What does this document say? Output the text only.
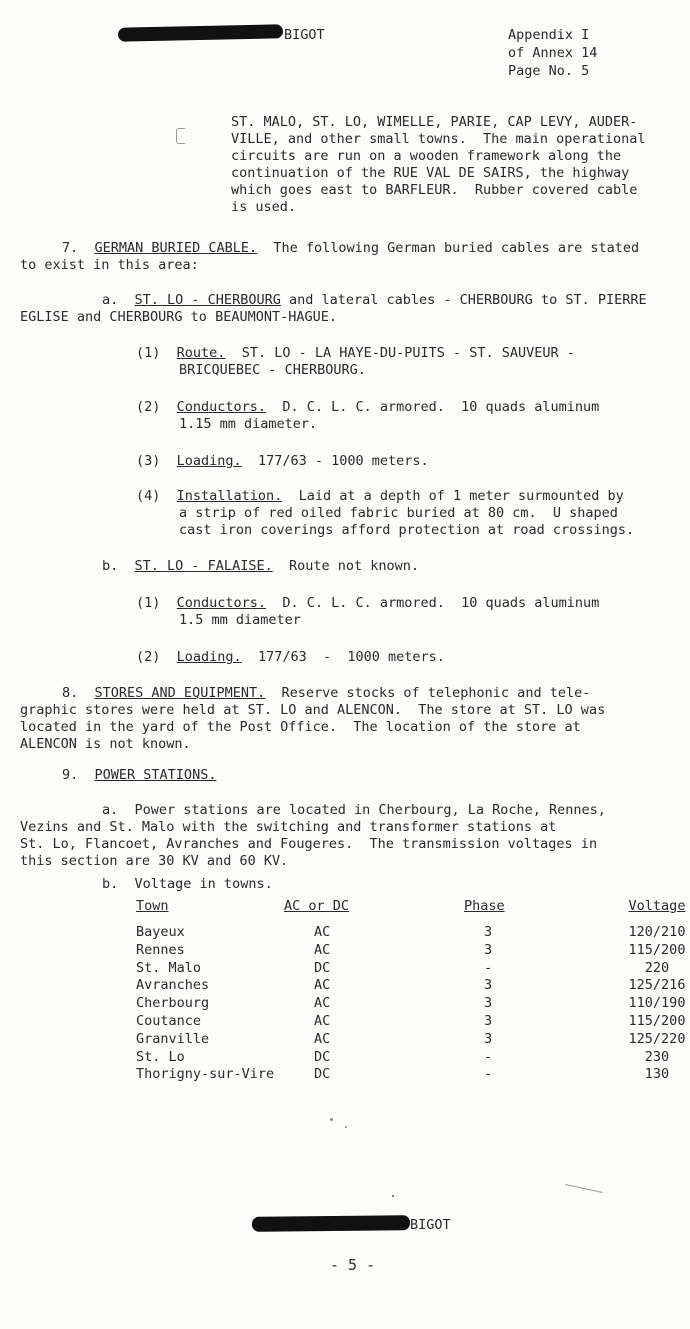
BIGOT	Appendix I
of Annex 14
Page No. 5
ST. MALO, ST. LO, WIMELLE, PARIE, CAP LEVY, AUDER-
VILLE, and other small towns.  The main operational
circuits are run on a wooden framework along the
continuation of the RUE VAL DE SAIRS, the highway
which goes east to BARFLEUR.  Rubber covered cable
is used.
7. GERMAN BURIED CABLE. The following German buried cables are stated
to exist in this area:
a. ST. LO - CHERBOURG and lateral cables - CHERBOURG to ST. PIERRE
EGLISE and CHERBOURG to BEAUMONT-HAGUE.
(1) Route. ST. LO - LA HAYE-DU-PUITS - ST. SAUVEUR -
BRICQUEBEC - CHERBOURG.
(2) Conductors. D. C. L. C. armored.  10 quads aluminum
1.15 mm diameter.
(3) Loading. 177/63 - 1000 meters.
(4) Installation. Laid at a depth of 1 meter surmounted by
a strip of red oiled fabric buried at 80 cm.  U shaped
cast iron coverings afford protection at road crossings.
b. ST. LO - FALAISE. Route not known.
(1) Conductors. D. C. L. C. armored.  10 quads aluminum
1.5 mm diameter
(2) Loading. 177/63  -  1000 meters.
8. STORES AND EQUIPMENT. Reserve stocks of telephonic and tele-
graphic stores were held at ST. LO and ALENCON.  The store at ST. LO was
located in the yard of the Post Office.  The location of the store at
ALENCON is not known.
9. POWER STATIONS.
a. Power stations are located in Cherbourg, La Roche, Rennes,
Vezins and St. Malo with the switching and transformer stations at
St. Lo, Flancoet, Avranches and Fougeres.  The transmission voltages in
this section are 30 KV and 60 KV.
b. Voltage in towns.
Town	AC or DC	Phase	Voltage
Bayeux	AC	3	120/210
Rennes	AC	3	115/200
St. Malo	DC	-	220
Avranches	AC	3	125/216
Cherbourg	AC	3	110/190
Coutance	AC	3	115/200
Granville	AC	3	125/220
St. Lo	DC	-	230
Thorigny-sur-Vire	DC	-	130
BIGOT
- 5 -
